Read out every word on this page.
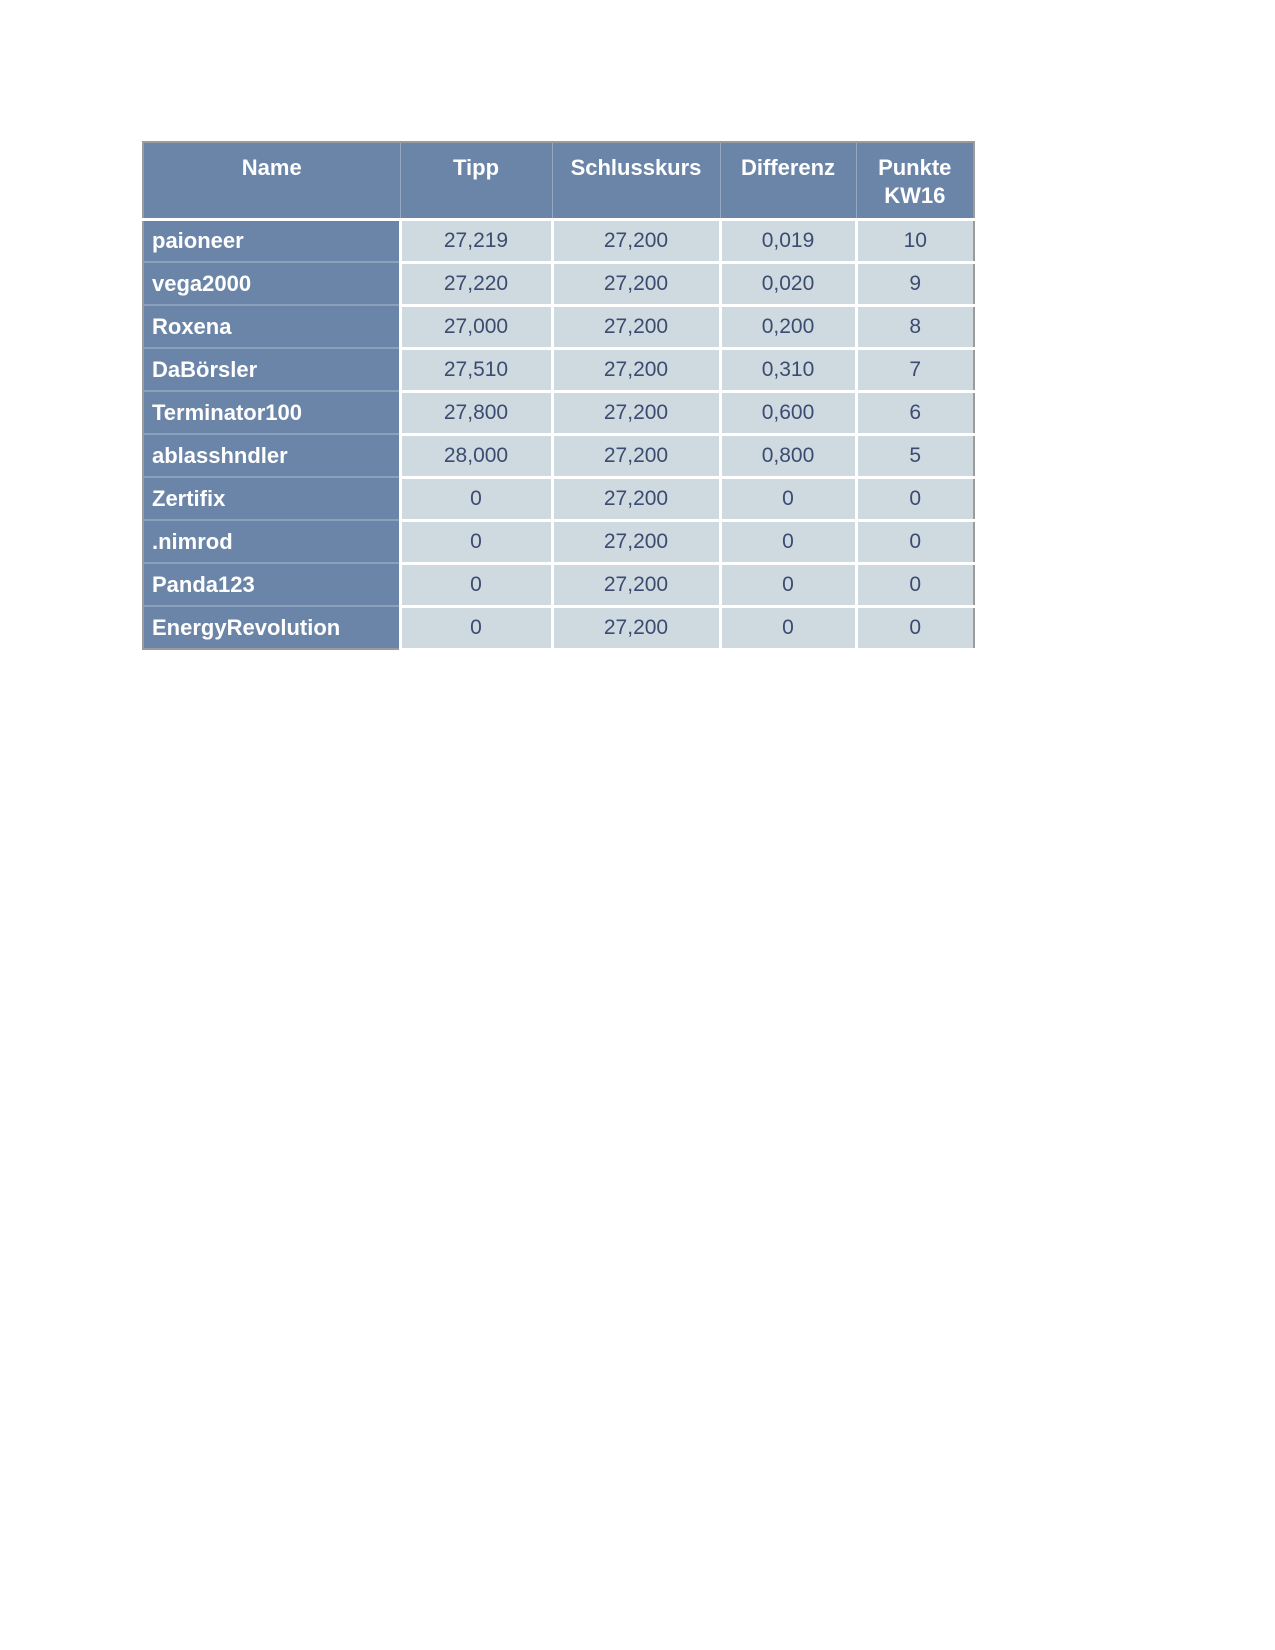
Name	Tipp	Schlusskurs	Differenz	Punkte
KW16
paioneer	27,219	27,200	0,019	10
vega2000	27,220	27,200	0,020	9
Roxena	27,000	27,200	0,200	8
DaBörsler	27,510	27,200	0,310	7
Terminator100	27,800	27,200	0,600	6
ablasshndler	28,000	27,200	0,800	5
Zertifix	0	27,200	0	0
.nimrod	0	27,200	0	0
Panda123	0	27,200	0	0
EnergyRevolution	0	27,200	0	0
